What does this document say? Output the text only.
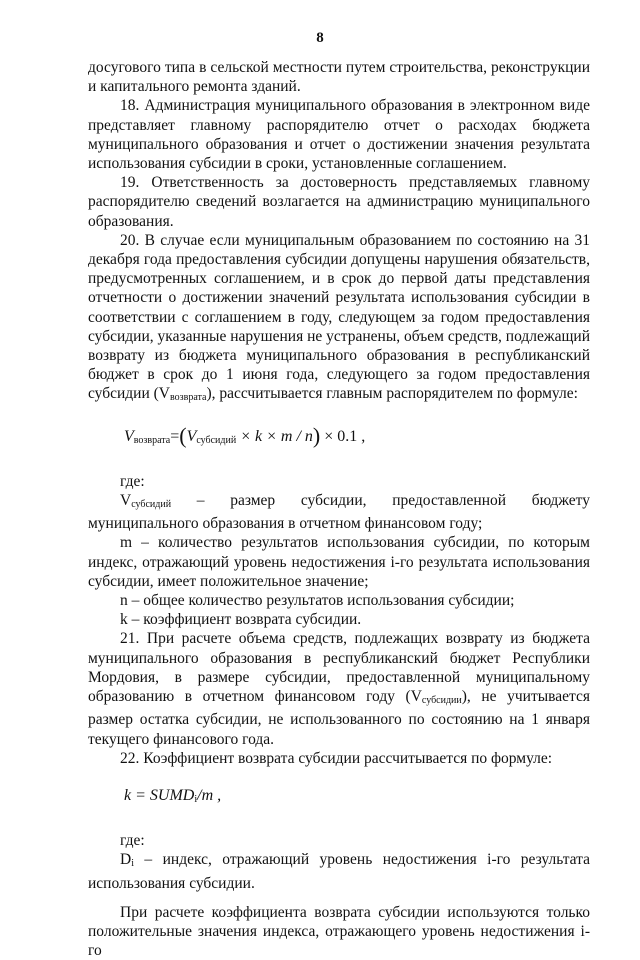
8

досугового типа в сельской местности путем строительства, реконструкции и капитального ремонта зданий.

18. Администрация муниципального образования в электронном виде представляет главному распорядителю отчет о расходах бюджета муниципального образования и отчет о достижении значения результата использования субсидии в сроки, установленные соглашением.

19. Ответственность за достоверность представляемых главному распорядителю сведений возлагается на администрацию муниципального образования.

20. В случае если муниципальным образованием по состоянию на 31 декабря года предоставления субсидии допущены нарушения обязательств, предусмотренных соглашением, и в срок до первой даты представления отчетности о достижении значений результата использования субсидии в соответствии с соглашением в году, следующем за годом предоставления субсидии, указанные нарушения не устранены, объем средств, подлежащий возврату из бюджета муниципального образования в республиканский бюджет в срок до 1 июня года, следующего за годом предоставления субсидии (Vвозврата), рассчитывается главным распорядителем по формуле:

$V_{возврата}=(V_{субсидий} \times k \times m / n) \times 0.1$ ,

где:

Vсубсидий – размер субсидии, предоставленной бюджету муниципального образования в отчетном финансовом году;

m – количество результатов использования субсидии, по которым индекс, отражающий уровень недостижения i-го результата использования субсидии, имеет положительное значение;

n – общее количество результатов использования субсидии;

k – коэффициент возврата субсидии.

21. При расчете объема средств, подлежащих возврату из бюджета муниципального образования в республиканский бюджет Республики Мордовия, в размере субсидии, предоставленной муниципальному образованию в отчетном финансовом году (Vсубсидии), не учитывается размер остатка субсидии, не использованного по состоянию на 1 января текущего финансового года.

22. Коэффициент возврата субсидии рассчитывается по формуле:

$k = SUMD_i/m$ ,

где:

Di – индекс, отражающий уровень недостижения i-го результата использования субсидии.

При расчете коэффициента возврата субсидии используются только положительные значения индекса, отражающего уровень недостижения i-го
